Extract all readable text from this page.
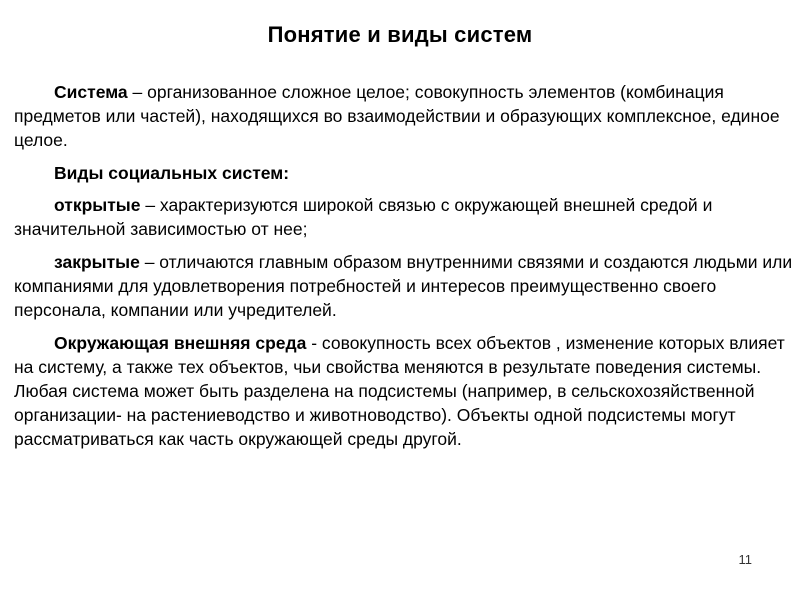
Понятие и виды систем

Система – организованное сложное целое; совокупность элементов (комбинация предметов или частей), находящихся во взаимодействии и образующих комплексное, единое целое.

Виды социальных систем:

открытые – характеризуются широкой связью с окружающей внешней средой и значительной зависимостью от нее;

закрытые – отличаются главным образом внутренними связями и создаются людьми или компаниями для удовлетворения потребностей и интересов преимущественно своего персонала, компании или учредителей.

Окружающая внешняя среда - совокупность всех объектов , изменение которых влияет на систему, а также тех объектов, чьи свойства меняются в результате поведения системы. Любая система может быть разделена на подсистемы (например, в сельскохозяйственной организации- на растениеводство и животноводство). Объекты одной подсистемы могут рассматриваться как часть окружающей среды другой.

11
